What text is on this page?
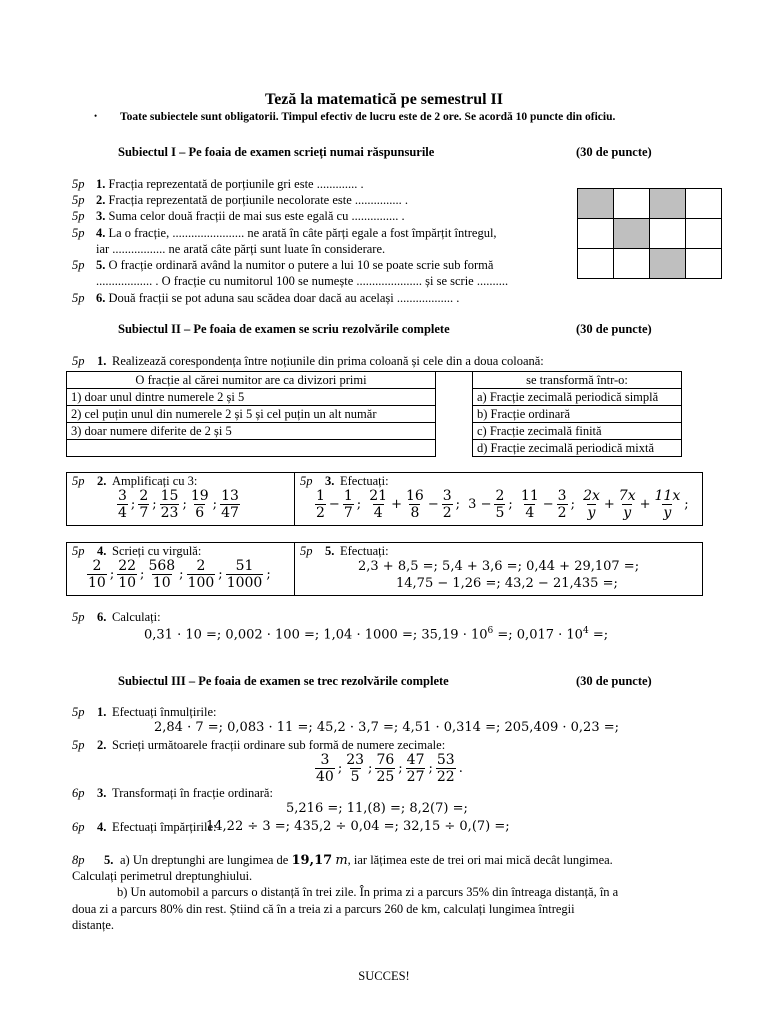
Teză la matematică pe semestrul II
• Toate subiectele sunt obligatorii. Timpul efectiv de lucru este de 2 ore. Se acordă 10 puncte din oficiu.
Subiectul I – Pe foaia de examen scrieți numai răspunsurile	(30 de puncte)
5p 1. Fracția reprezentată de porțiunile gri este ............. .
5p 2. Fracția reprezentată de porțiunile necolorate este ............... .
5p 3. Suma celor două fracții de mai sus este egală cu ............... .
5p 4. La o fracție, ....................... ne arată în câte părți egale a fost împărțit întregul,
iar ................. ne arată câte părți sunt luate în considerare.
5p 5. O fracție ordinară având la numitor o putere a lui 10 se poate scrie sub formă
.................. . O fracție cu numitorul 100 se numește ..................... și se scrie ..........
5p 6. Două fracții se pot aduna sau scădea doar dacă au același .................. .

Subiectul II – Pe foaia de examen se scriu rezolvările complete	(30 de puncte)
5p 1. Realizează corespondența între noțiunile din prima coloană și cele din a doua coloană:
O fracție al cărei numitor are ca divizori primi		se transformă într-o:
1) doar unul dintre numerele 2 și 5		a) Fracție zecimală periodică simplă
2) cel puțin unul din numerele 2 și 5 și cel puțin un alt număr		b) Fracție ordinară
3) doar numere diferite de 2 și 5		c) Fracție zecimală finită
		d) Fracție zecimală periodică mixtă
5p 2. Amplificați cu 3:
$\frac{3}{4}$ ; $\frac{2}{7}$ ; $\frac{15}{23}$ ; $\frac{19}{6}$ ; $\frac{13}{47}$
5p 3. Efectuați:
$\frac{1}{2} - \frac{1}{7}$ ; $\frac{21}{4} + \frac{16}{8} - \frac{3}{2}$ ; $3 - \frac{2}{5}$ ; $\frac{11}{4} - \frac{3}{2}$ ; $\frac{2x}{y} + \frac{7x}{y} + \frac{11x}{y}$ ;
5p 4. Scrieți cu virgulă:
$\frac{2}{10}$ ; $\frac{22}{10}$ ; $\frac{568}{10}$ ; $\frac{2}{100}$ ; $\frac{51}{1000}$ ;
5p 5. Efectuați:
2,3 + 8,5 =; 5,4 + 3,6 =; 0,44 + 29,107 =;
14,75 − 1,26 =; 43,2 − 21,435 =;
5p 6. Calculați:
0,31 · 10 =; 0,002 · 100 =; 1,04 · 1000 =; $35,19 \cdot 10^6$ =; $0,017 \cdot 10^4$ =;
Subiectul III – Pe foaia de examen se trec rezolvările complete	(30 de puncte)
5p 1. Efectuați înmulțirile:
2,84 · 7 =; 0,083 · 11 =; 45,2 · 3,7 =; 4,51 · 0,314 =; 205,409 · 0,23 =;
5p 2. Scrieți următoarele fracții ordinare sub formă de numere zecimale:
$\frac{3}{40}$ ; $\frac{23}{5}$ ; $\frac{76}{25}$ ; $\frac{47}{27}$ ; $\frac{53}{22}$ .
6p 3. Transformați în fracție ordinară:
5,216 =; 11,(8) =; 8,2(7) =;
6p 4. Efectuați împărțirile:
14,22 ÷ 3 =; 435,2 ÷ 0,04 =; 32,15 ÷ 0,(7) =;
8p 5. a) Un dreptunghi are lungimea de 19,17 m, iar lățimea este de trei ori mai mică decât lungimea.
Calculați perimetrul dreptunghiului.
b) Un automobil a parcurs o distanță în trei zile. În prima zi a parcurs 35% din întreaga distanță, în a
doua zi a parcurs 80% din rest. Știind că în a treia zi a parcurs 260 de km, calculați lungimea întregii
distanțe.
SUCCES!
